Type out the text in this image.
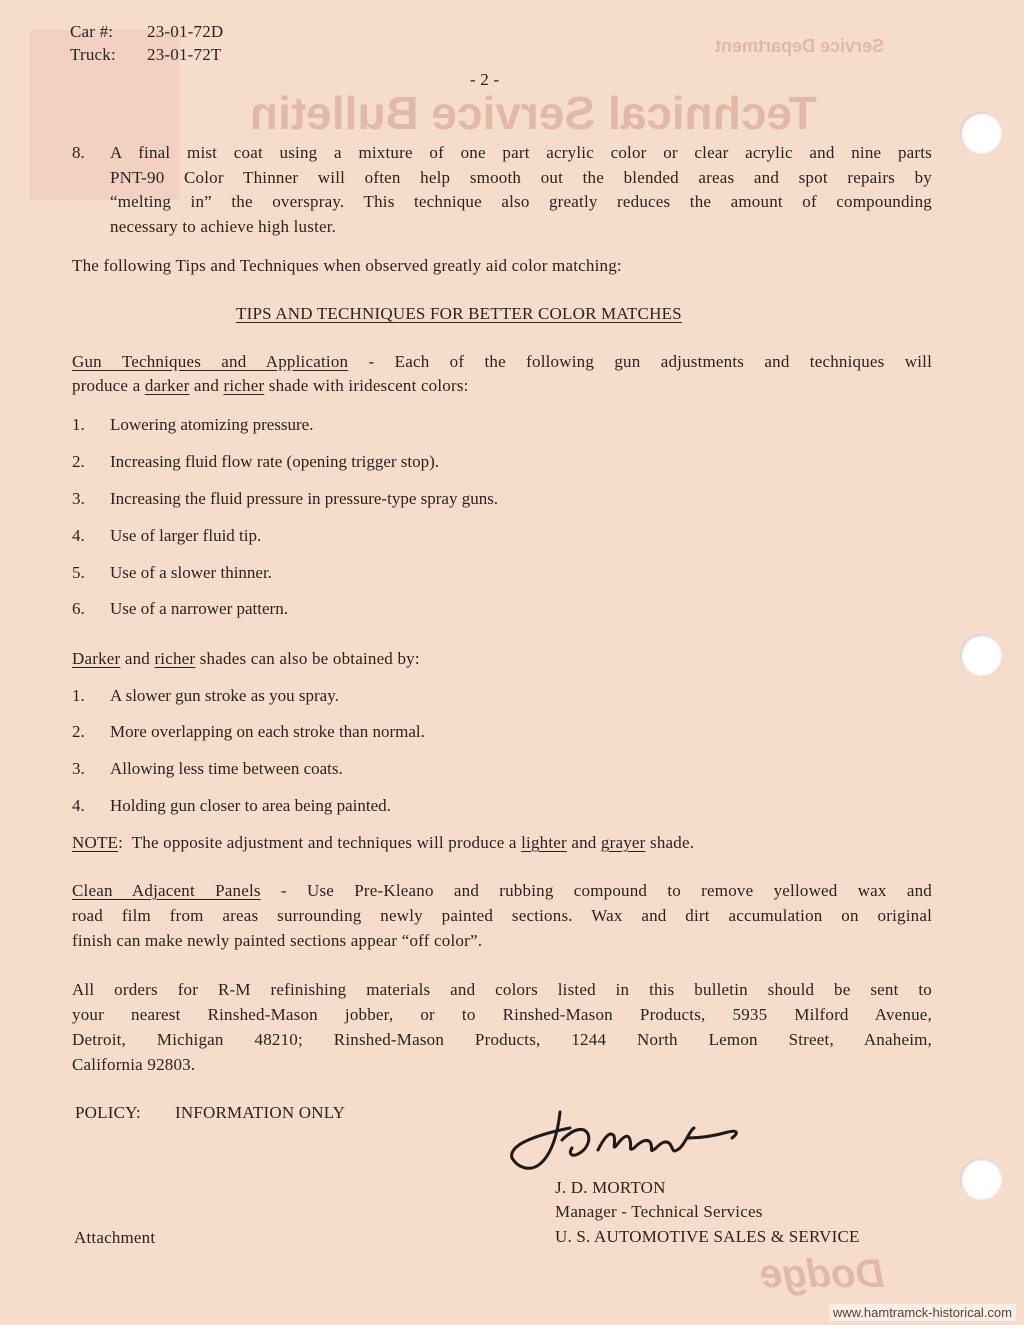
Technical Service Bulletin
Service Department
Dodge
Car #: 23-01-72D
Truck: 23-01-72T
- 2 -
8. A final mist coat using a mixture of one part acrylic color or clear acrylic and nine parts
PNT-90 Color Thinner will often help smooth out the blended areas and spot repairs by
“melting in” the overspray. This technique also greatly reduces the amount of compounding
necessary to achieve high luster.
The following Tips and Techniques when observed greatly aid color matching:
TIPS AND TECHNIQUES FOR BETTER COLOR MATCHES
Gun Techniques and Application - Each of the following gun adjustments and techniques will
produce a darker and richer shade with iridescent colors:
1. Lowering atomizing pressure.
2. Increasing fluid flow rate (opening trigger stop).
3. Increasing the fluid pressure in pressure-type spray guns.
4. Use of larger fluid tip.
5. Use of a slower thinner.
6. Use of a narrower pattern.
Darker and richer shades can also be obtained by:
1. A slower gun stroke as you spray.
2. More overlapping on each stroke than normal.
3. Allowing less time between coats.
4. Holding gun closer to area being painted.
NOTE:  The opposite adjustment and techniques will produce a lighter and grayer shade.
Clean Adjacent Panels - Use Pre-Kleano and rubbing compound to remove yellowed wax and
road film from areas surrounding newly painted sections. Wax and dirt accumulation on original
finish can make newly painted sections appear “off color”.
All orders for R-M refinishing materials and colors listed in this bulletin should be sent to
your nearest Rinshed-Mason jobber, or to Rinshed-Mason Products, 5935 Milford Avenue,
Detroit, Michigan 48210; Rinshed-Mason Products, 1244 North Lemon Street, Anaheim,
California 92803.
POLICY: INFORMATION ONLY
J. D. MORTON
Manager - Technical Services
U. S. AUTOMOTIVE SALES & SERVICE
Attachment
www.hamtramck-historical.com
